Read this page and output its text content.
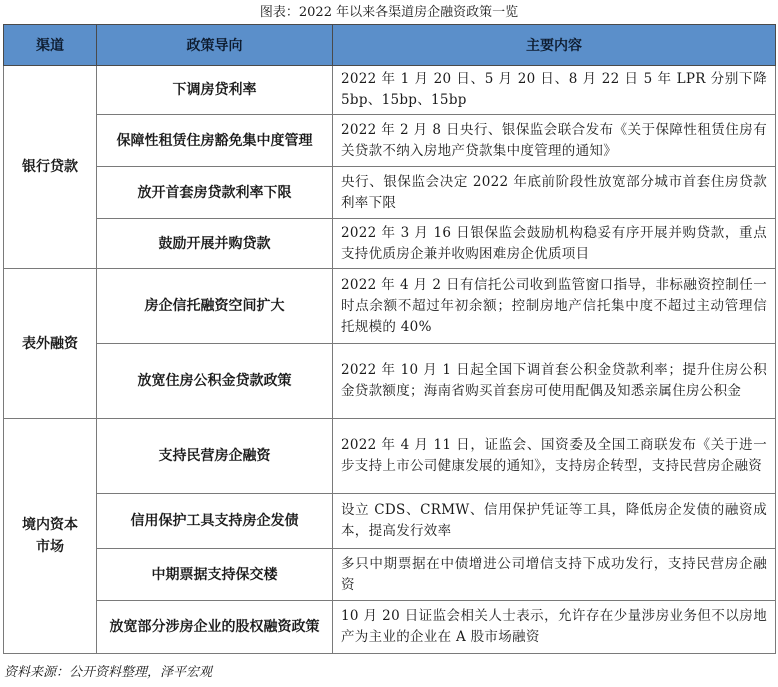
图表：2022 年以来各渠道房企融资政策一览
渠道	政策导向	主要内容
银行贷款	下调房贷利率	2022 年 1 月 20 日、5 月 20 日、8 月 22 日 5 年 LPR 分别下降 5bp、15bp、15bp
	保障性租赁住房豁免集中度管理	2022 年 2 月 8 日央行、银保监会联合发布《关于保障性租赁住房有关贷款不纳入房地产贷款集中度管理的通知》
	放开首套房贷款利率下限	央行、银保监会决定 2022 年底前阶段性放宽部分城市首套住房贷款利率下限
	鼓励开展并购贷款	2022 年 3 月 16 日银保监会鼓励机构稳妥有序开展并购贷款，重点支持优质房企兼并收购困难房企优质项目
表外融资	房企信托融资空间扩大	2022 年 4 月 2 日有信托公司收到监管窗口指导，非标融资控制任一时点余额不超过年初余额；控制房地产信托集中度不超过主动管理信托规模的 40%
	放宽住房公积金贷款政策	2022 年 10 月 1 日起全国下调首套公积金贷款利率；提升住房公积金贷款额度；海南省购买首套房可使用配偶及知悉亲属住房公积金
境内资本市场	支持民营房企融资	2022 年 4 月 11 日，证监会、国资委及全国工商联发布《关于进一步支持上市公司健康发展的通知》，支持房企转型，支持民营房企融资
	信用保护工具支持房企发债	设立 CDS、CRMW、信用保护凭证等工具，降低房企发债的融资成本，提高发行效率
	中期票据支持保交楼	多只中期票据在中债增进公司增信支持下成功发行，支持民营房企融资
	放宽部分涉房企业的股权融资政策	10 月 20 日证监会相关人士表示，允许存在少量涉房业务但不以房地产为主业的企业在 A 股市场融资
资料来源：公开资料整理，泽平宏观
